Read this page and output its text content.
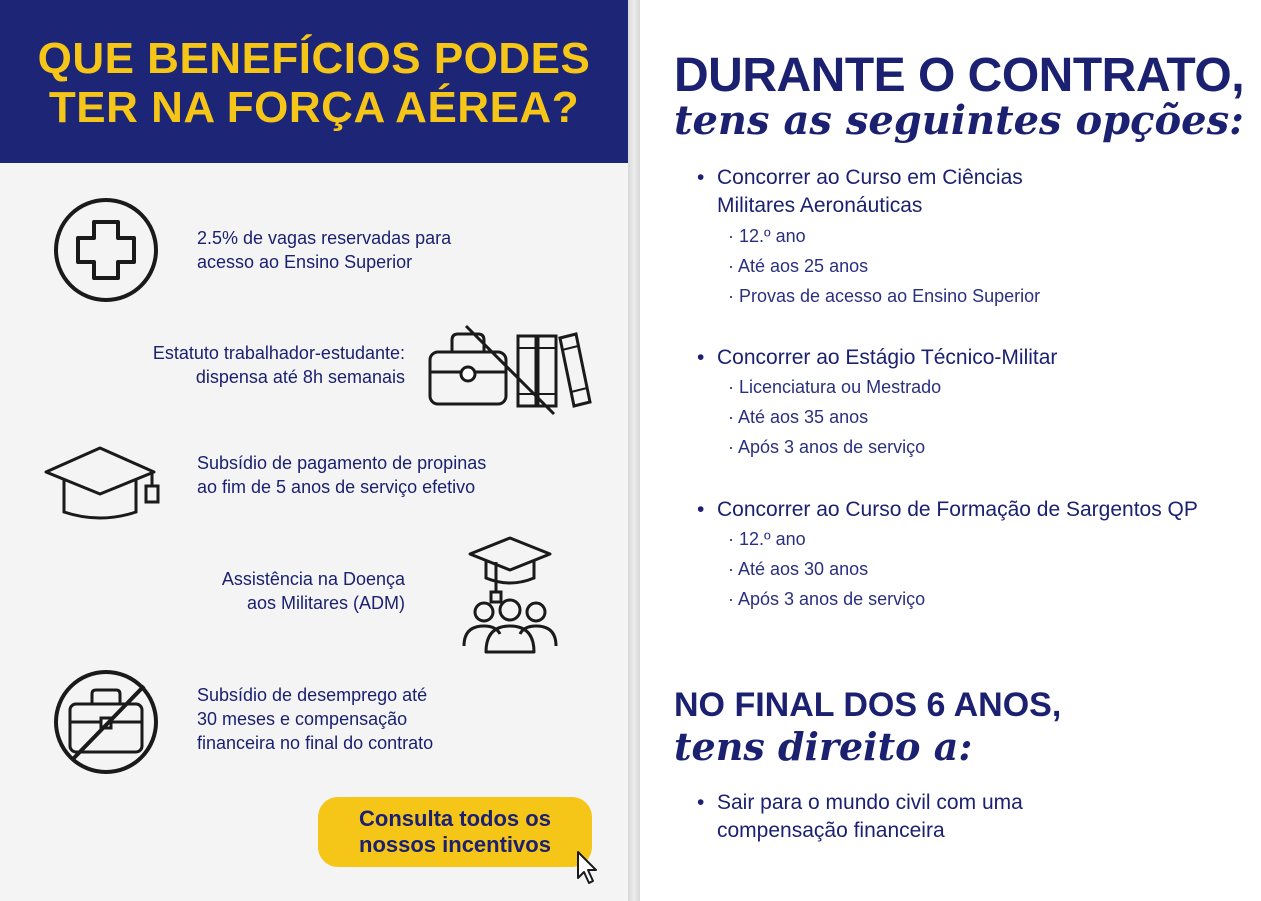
QUE BENEFÍCIOS PODES
TER NA FORÇA AÉREA?
2.5% de vagas reservadas para
acesso ao Ensino Superior
Estatuto trabalhador-estudante:
dispensa até 8h semanais
Subsídio de pagamento de propinas
ao fim de 5 anos de serviço efetivo
Assistência na Doença
aos Militares (ADM)
Subsídio de desemprego até
30 meses e compensação
financeira no final do contrato
Consulta todos os
nossos incentivos
DURANTE O CONTRATO,
tens as seguintes opções:
• Concorrer ao Curso em Ciências
Militares Aeronáuticas
· 12.º ano
· Até aos 25 anos
· Provas de acesso ao Ensino Superior
• Concorrer ao Estágio Técnico-Militar
· Licenciatura ou Mestrado
· Até aos 35 anos
· Após 3 anos de serviço
• Concorrer ao Curso de Formação de Sargentos QP
· 12.º ano
· Até aos 30 anos
· Após 3 anos de serviço
NO FINAL DOS 6 ANOS,
tens direito a:
• Sair para o mundo civil com uma
compensação financeira
